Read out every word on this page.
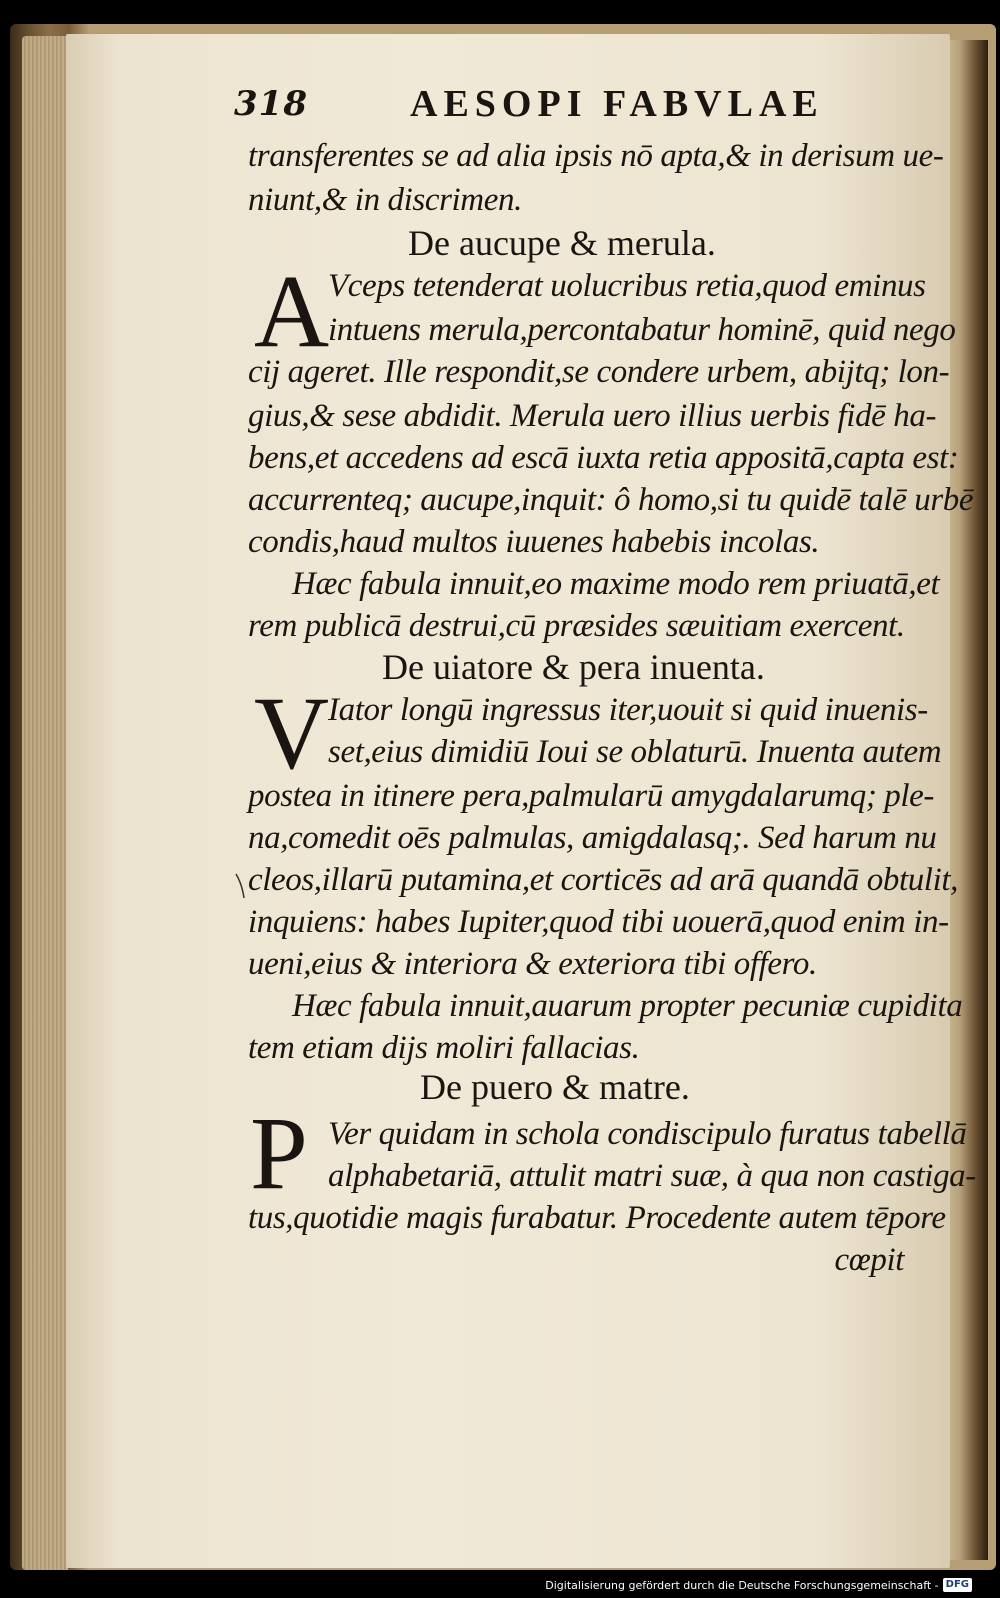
318	AESOPI FABVLAE
transferentes se ad alia ipsis nō apta,& in derisum ue-
niunt,& in discrimen.
De aucupe & merula.
A
Vceps tetenderat uolucribus retia,quod eminus
intuens merula,percontabatur hominē, quid nego
cij ageret. Ille respondit,se condere urbem, abijtq; lon-
gius,& sese abdidit. Merula uero illius uerbis fidē ha-
bens,et accedens ad escā iuxta retia appositā,capta est:
accurrenteq; aucupe,inquit: ô homo,si tu quidē talē urbē
condis,haud multos iuuenes habebis incolas.
Hæc fabula innuit,eo maxime modo rem priuatā,et
rem publicā destrui,cū præsides sæuitiam exercent.
De uiatore & pera inuenta.
V
Iator longū ingressus iter,uouit si quid inuenis-
set,eius dimidiū Ioui se oblaturū. Inuenta autem
postea in itinere pera,palmularū amygdalarumq; ple-
na,comedit oēs palmulas, amigdalasq;. Sed harum nu
cleos,illarū putamina,et corticēs ad arā quandā obtulit,
inquiens: habes Iupiter,quod tibi uouerā,quod enim in-
ueni,eius & interiora & exteriora tibi offero.
Hæc fabula innuit,auarum propter pecuniæ cupidita
tem etiam dijs moliri fallacias.
De puero & matre.
P Ver quidam in schola condiscipulo furatus tabellā
alphabetariā, attulit matri suæ, à qua non castiga-
tus,quotidie magis furabatur. Procedente autem tēpore
cœpit
Digitalisierung gefördert durch die Deutsche Forschungsgemeinschaft - DFG
